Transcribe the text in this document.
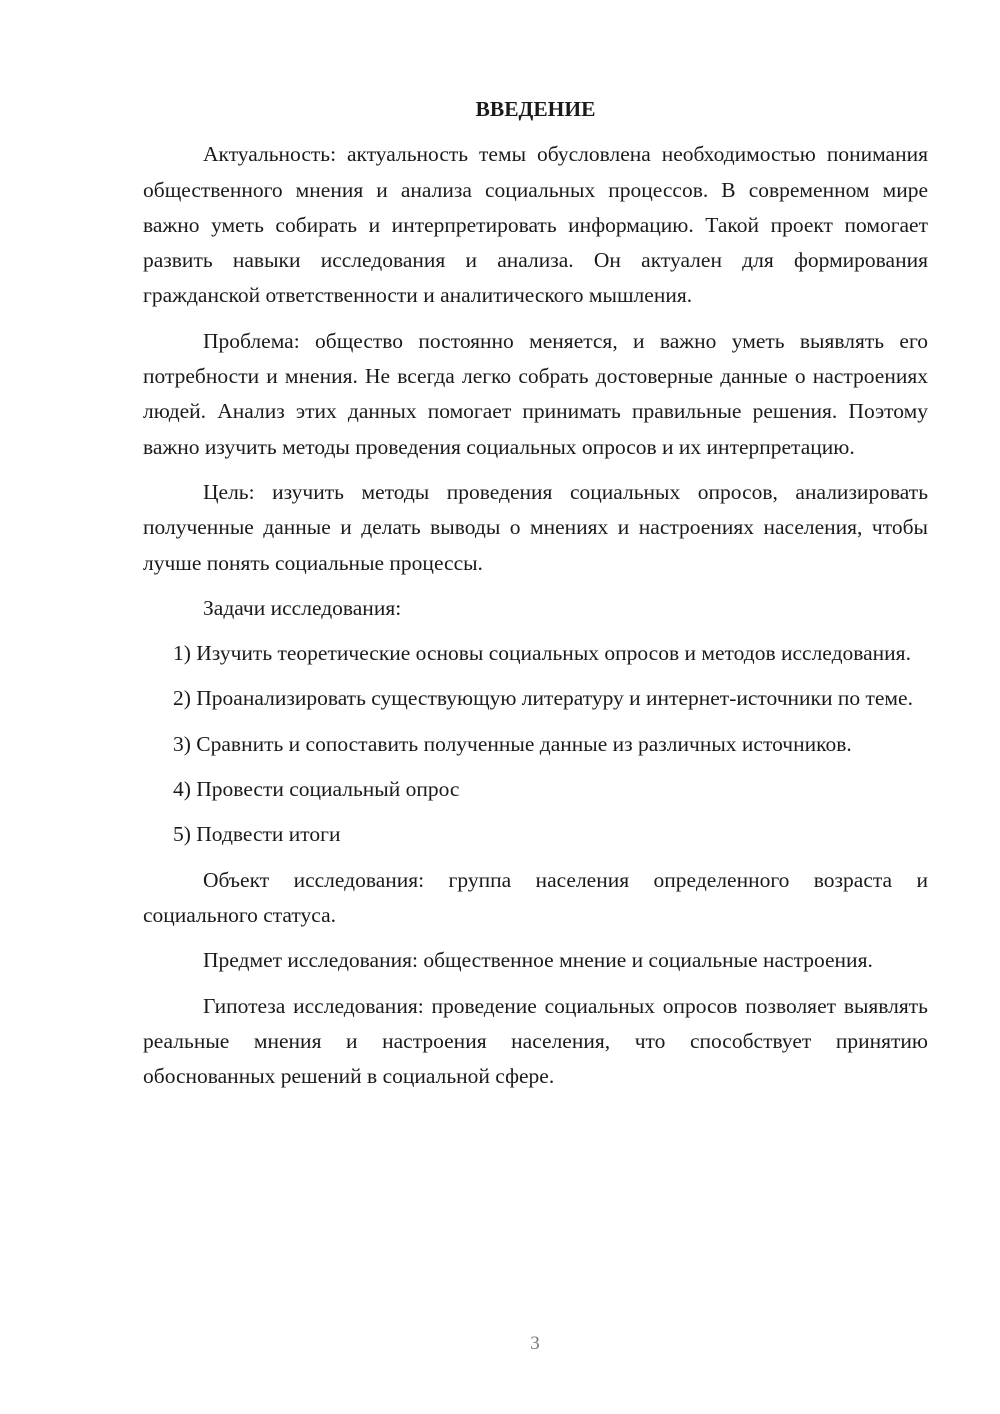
ВВЕДЕНИЕ

Актуальность: актуальность темы обусловлена необходимостью понимания общественного мнения и анализа социальных процессов. В современном мире важно уметь собирать и интерпретировать информацию. Такой проект помогает развить навыки исследования и анализа. Он актуален для формирования гражданской ответственности и аналитического мышления.

Проблема: общество постоянно меняется, и важно уметь выявлять его потребности и мнения. Не всегда легко собрать достоверные данные о настроениях людей. Анализ этих данных помогает принимать правильные решения. Поэтому важно изучить методы проведения социальных опросов и их интерпретацию.

Цель: изучить методы проведения социальных опросов, анализировать полученные данные и делать выводы о мнениях и настроениях населения, чтобы лучше понять социальные процессы.

Задачи исследования:

1) Изучить теоретические основы социальных опросов и методов исследования.

2) Проанализировать существующую литературу и интернет-источники по теме.

3) Сравнить и сопоставить полученные данные из различных источников.

4) Провести социальный опрос

5) Подвести итоги

Объект исследования: группа населения определенного возраста и социального статуса.

Предмет исследования: общественное мнение и социальные настроения.

Гипотеза исследования: проведение социальных опросов позволяет выявлять реальные мнения и настроения населения, что способствует принятию обоснованных решений в социальной сфере.

3
